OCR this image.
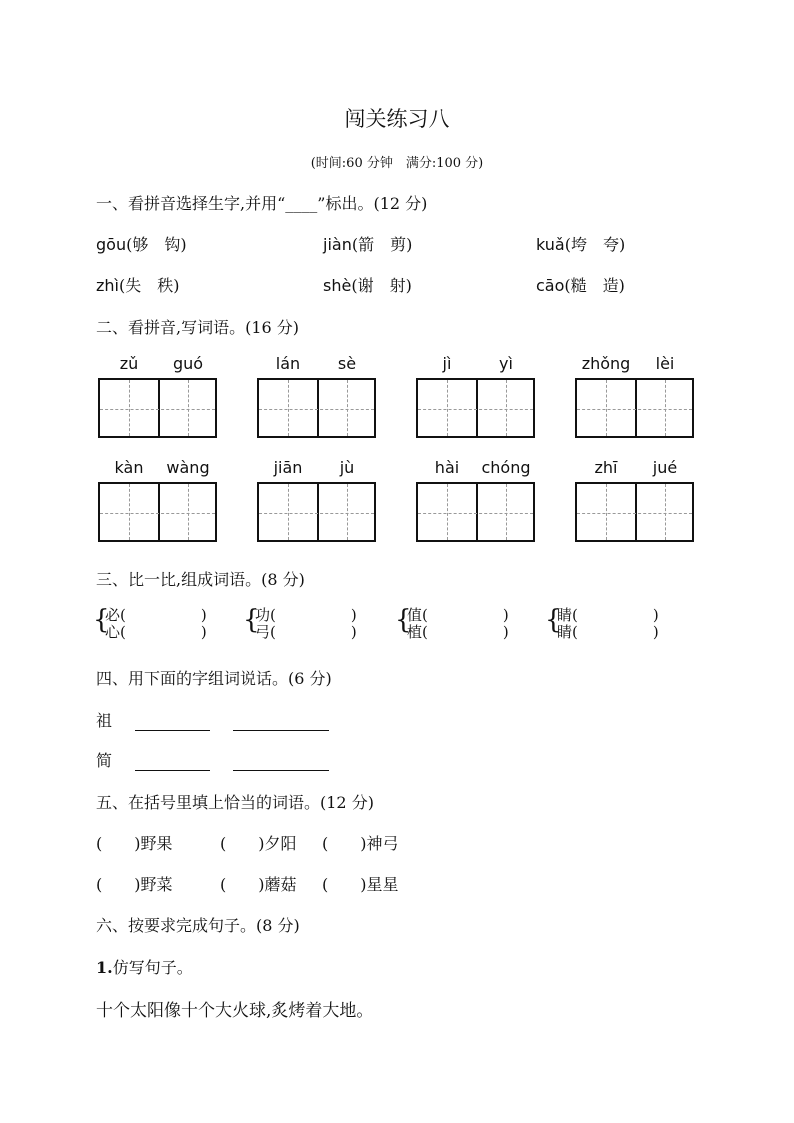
闯关练习八
(时间:60 分钟　满分:100 分)
一、看拼音选择生字,并用“____”标出。(12 分)
gōu(够　钩)	jiàn(箭　剪)	kuǎ(垮　夸)
zhì(失　秩)	shè(谢　射)	cāo(糙　造)
二、看拼音,写词语。(16 分)
zǔ	guó	lán	sè	jì	yì	zhǒng	lèi
kàn	wàng	jiān	jù	hài	chóng	zhī	jué
三、比一比,组成词语。(8 分)
{
必(　　　　　)
心(　　　　　) {
功(　　　　　)
弓(　　　　　) {
值(　　　　　)
植(　　　　　) {
睛(　　　　　)
睛(　　　　　)
四、用下面的字组词说话。(6 分)
祖
简
五、在括号里填上恰当的词语。(12 分)
(　　)野果	(　　)夕阳 (　　)神弓
(　　)野菜	(　　)蘑菇 (　　)星星
六、按要求完成句子。(8 分)
1.仿写句子。
十个太阳像十个大火球,炙烤着大地。
